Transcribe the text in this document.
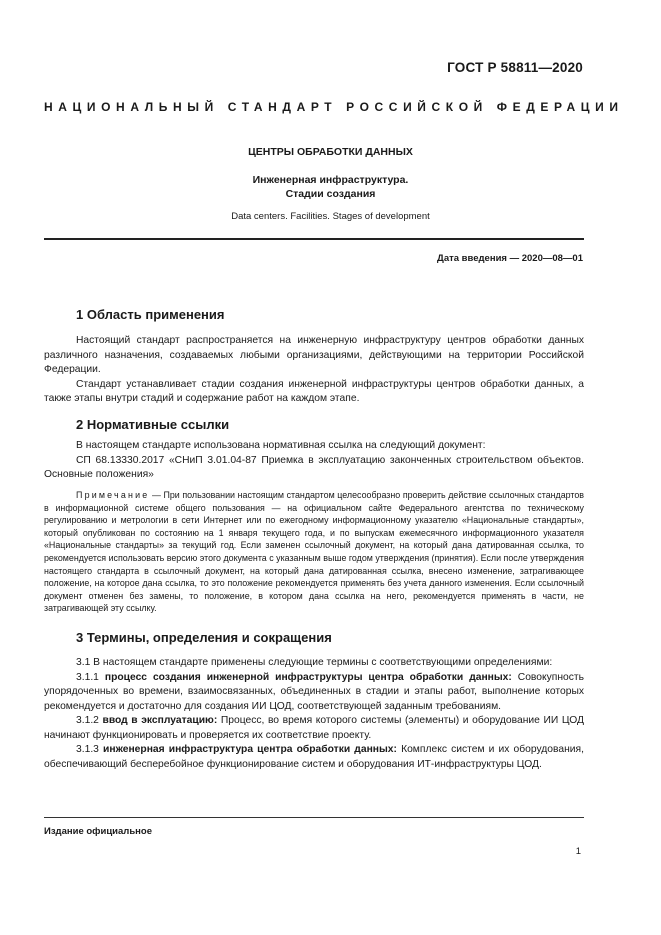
ГОСТ Р 58811—2020
НАЦИОНАЛЬНЫЙ СТАНДАРТ РОССИЙСКОЙ ФЕДЕРАЦИИ
ЦЕНТРЫ ОБРАБОТКИ ДАННЫХ
Инженерная инфраструктура.
Стадии создания
Data centers. Facilities. Stages of development
Дата введения — 2020—08—01
1 Область применения

Настоящий стандарт распространяется на инженерную инфраструктуру центров обработки данных различного назначения, создаваемых любыми организациями, действующими на территории Российской Федерации.

Стандарт устанавливает стадии создания инженерной инфраструктуры центров обработки данных, а также этапы внутри стадий и содержание работ на каждом этапе.

2 Нормативные ссылки

В настоящем стандарте использована нормативная ссылка на следующий документ:

СП 68.13330.2017 «СНиП 3.01.04-87 Приемка в эксплуатацию законченных строительством объектов. Основные положения»

Примечание — При пользовании настоящим стандартом целесообразно проверить действие ссылочных стандартов в информационной системе общего пользования — на официальном сайте Федерального агентства по техническому регулированию и метрологии в сети Интернет или по ежегодному информационному указателю «Национальные стандарты», который опубликован по состоянию на 1 января текущего года, и по выпускам ежемесячного информационного указателя «Национальные стандарты» за текущий год. Если заменен ссылочный документ, на который дана датированная ссылка, то рекомендуется использовать версию этого документа с указанным выше годом утверждения (принятия). Если после утверждения настоящего стандарта в ссылочный документ, на который дана датированная ссылка, внесено изменение, затрагивающее положение, на которое дана ссылка, то это положение рекомендуется применять без учета данного изменения. Если ссылочный документ отменен без замены, то положение, в котором дана ссылка на него, рекомендуется применять в части, не затрагивающей эту ссылку.

3 Термины, определения и сокращения

3.1 В настоящем стандарте применены следующие термины с соответствующими определениями:

3.1.1 процесс создания инженерной инфраструктуры центра обработки данных: Совокупность упорядоченных во времени, взаимосвязанных, объединенных в стадии и этапы работ, выполнение которых рекомендуется и достаточно для создания ИИ ЦОД, соответствующей заданным требованиям.

3.1.2 ввод в эксплуатацию: Процесс, во время которого системы (элементы) и оборудование ИИ ЦОД начинают функционировать и проверяется их соответствие проекту.

3.1.3 инженерная инфраструктура центра обработки данных: Комплекс систем и их оборудования, обеспечивающий бесперебойное функционирование систем и оборудования ИТ-инфраструктуры ЦОД.

Издание официальное
1
